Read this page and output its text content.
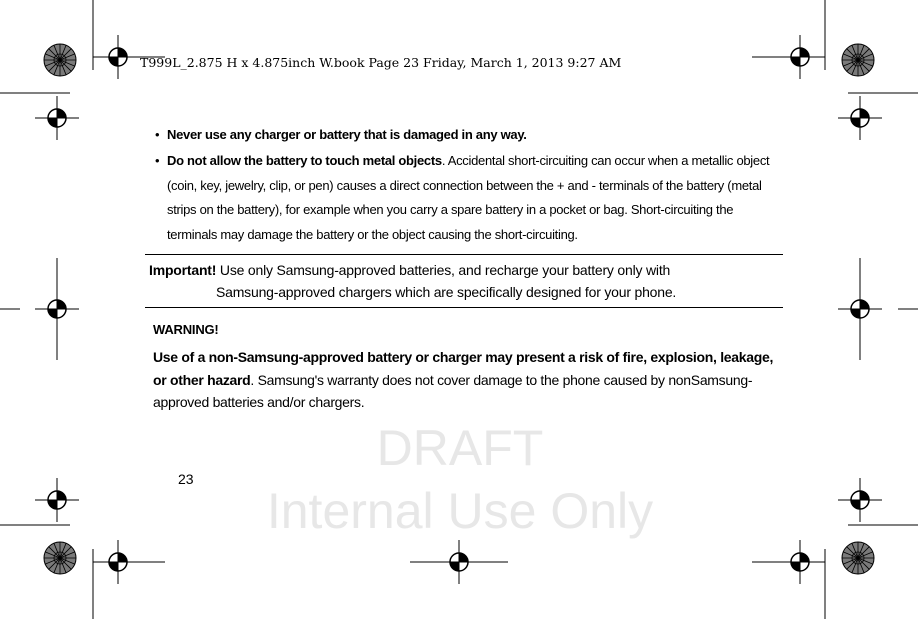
DRAFT
Internal Use Only
T999L_2.875 H x 4.875inch W.book Page 23 Friday, March 1, 2013 9:27 AM
• Never use any charger or battery that is damaged in any way.
• Do not allow the battery to touch metal objects. Accidental short-circuiting can occur when a metallic object (coin, key, jewelry, clip, or pen) causes a direct connection between the + and - terminals of the battery (metal strips on the battery), for example when you carry a spare battery in a pocket or bag. Short-circuiting the terminals may damage the battery or the object causing the short-circuiting.
Important! Use only Samsung-approved batteries, and recharge your battery only with
Samsung-approved chargers which are specifically designed for your phone.
WARNING!
Use of a non-Samsung-approved battery or charger may present a risk of fire, explosion, leakage, or other hazard. Samsung's warranty does not cover damage to the phone caused by nonSamsung-approved batteries and/or chargers.
23
